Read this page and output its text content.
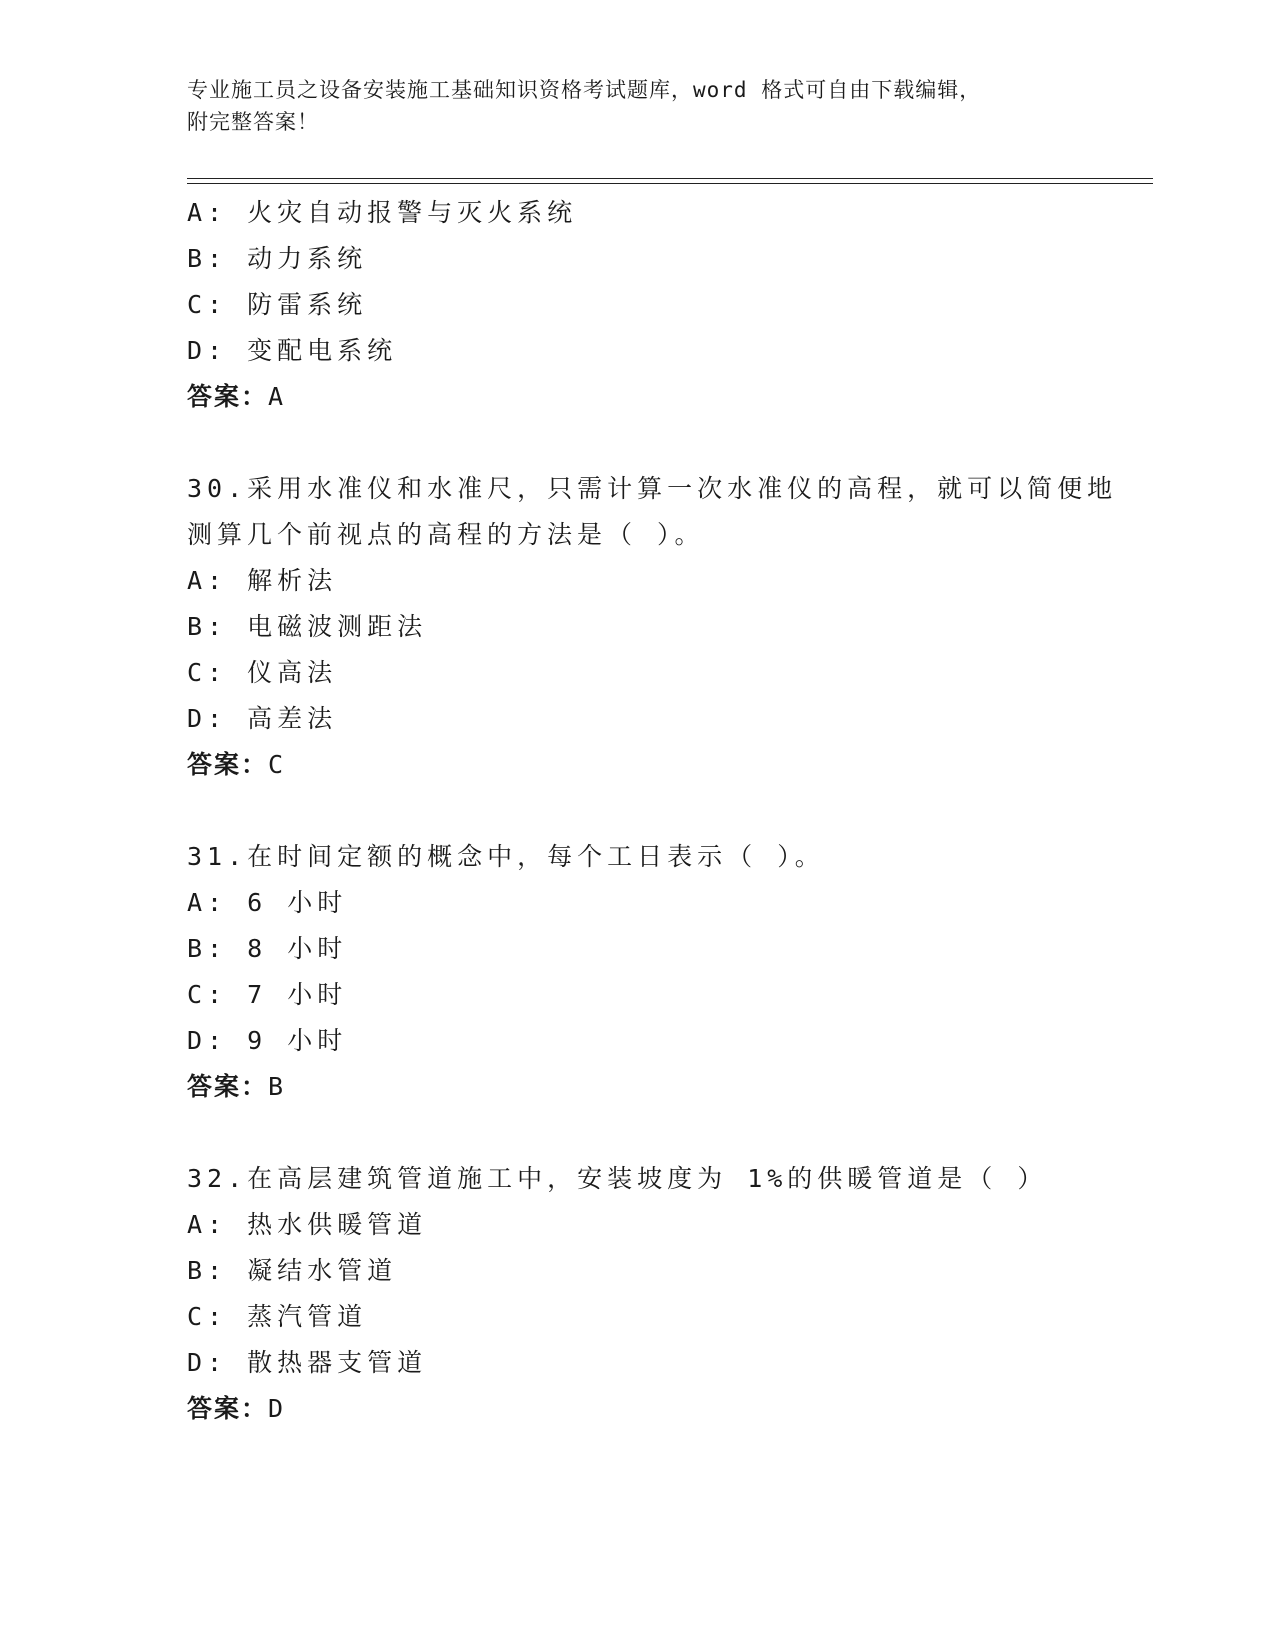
专业施工员之设备安装施工基础知识资格考试题库，word 格式可自由下载编辑，
附完整答案！
A: 火灾自动报警与灭火系统
B: 动力系统
C: 防雷系统
D: 变配电系统
答案：A
30.采用水准仪和水准尺，只需计算一次水准仪的高程，就可以简便地
测算几个前视点的高程的方法是（ ）。
A: 解析法
B: 电磁波测距法
C: 仪高法
D: 高差法
答案：C
31.在时间定额的概念中，每个工日表示（ ）。
A: 6 小时
B: 8 小时
C: 7 小时
D: 9 小时
答案：B
32.在高层建筑管道施工中，安装坡度为 1%的供暖管道是（ ）
A: 热水供暖管道
B: 凝结水管道
C: 蒸汽管道
D: 散热器支管道
答案：D
